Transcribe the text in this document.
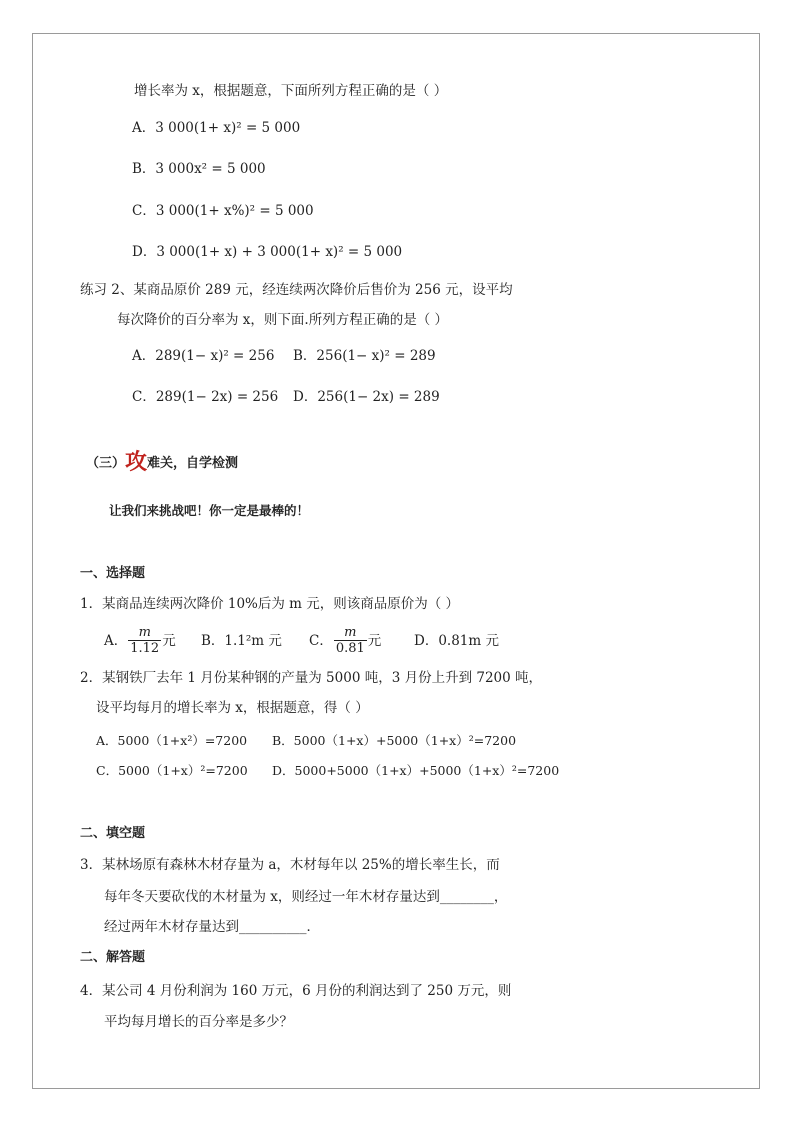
增长率为 x，根据题意，下面所列方程正确的是（ ）
A．3 000(1+ x)² = 5 000
B．3 000x² = 5 000
C．3 000(1+ x%)² = 5 000
D．3 000(1+ x) + 3 000(1+ x)² = 5 000
练习 2、某商品原价 289 元，经连续两次降价后售价为 256 元，设平均
每次降价的百分率为 x，则下面.所列方程正确的是（ ）
A．289(1− x)² = 256 B．256(1− x)² = 289
C．289(1− 2x) = 256 D．256(1− 2x) = 289
（三）攻难关，自学检测
让我们来挑战吧！你一定是最棒的！
一、选择题
1．某商品连续两次降价 10%后为 m 元，则该商品原价为（ ）
A． $\frac{m}{1.12}$ 元 B．1.1²m 元 C． $\frac{m}{0.81}$ 元 D．0.81m 元
2．某钢铁厂去年 1 月份某种钢的产量为 5000 吨，3 月份上升到 7200 吨，
设平均每月的增长率为 x，根据题意，得（ ）
A．5000（1+x²）=7200 B．5000（1+x）+5000（1+x）²=7200
C．5000（1+x）²=7200 D．5000+5000（1+x）+5000（1+x）²=7200
二、填空题
3．某林场原有森林木材存量为 a，木材每年以 25%的增长率生长，而
每年冬天要砍伐的木材量为 x，则经过一年木材存量达到________，
经过两年木材存量达到__________．
二、解答题
4．某公司 4 月份利润为 160 万元，6 月份的利润达到了 250 万元，则
平均每月增长的百分率是多少？
